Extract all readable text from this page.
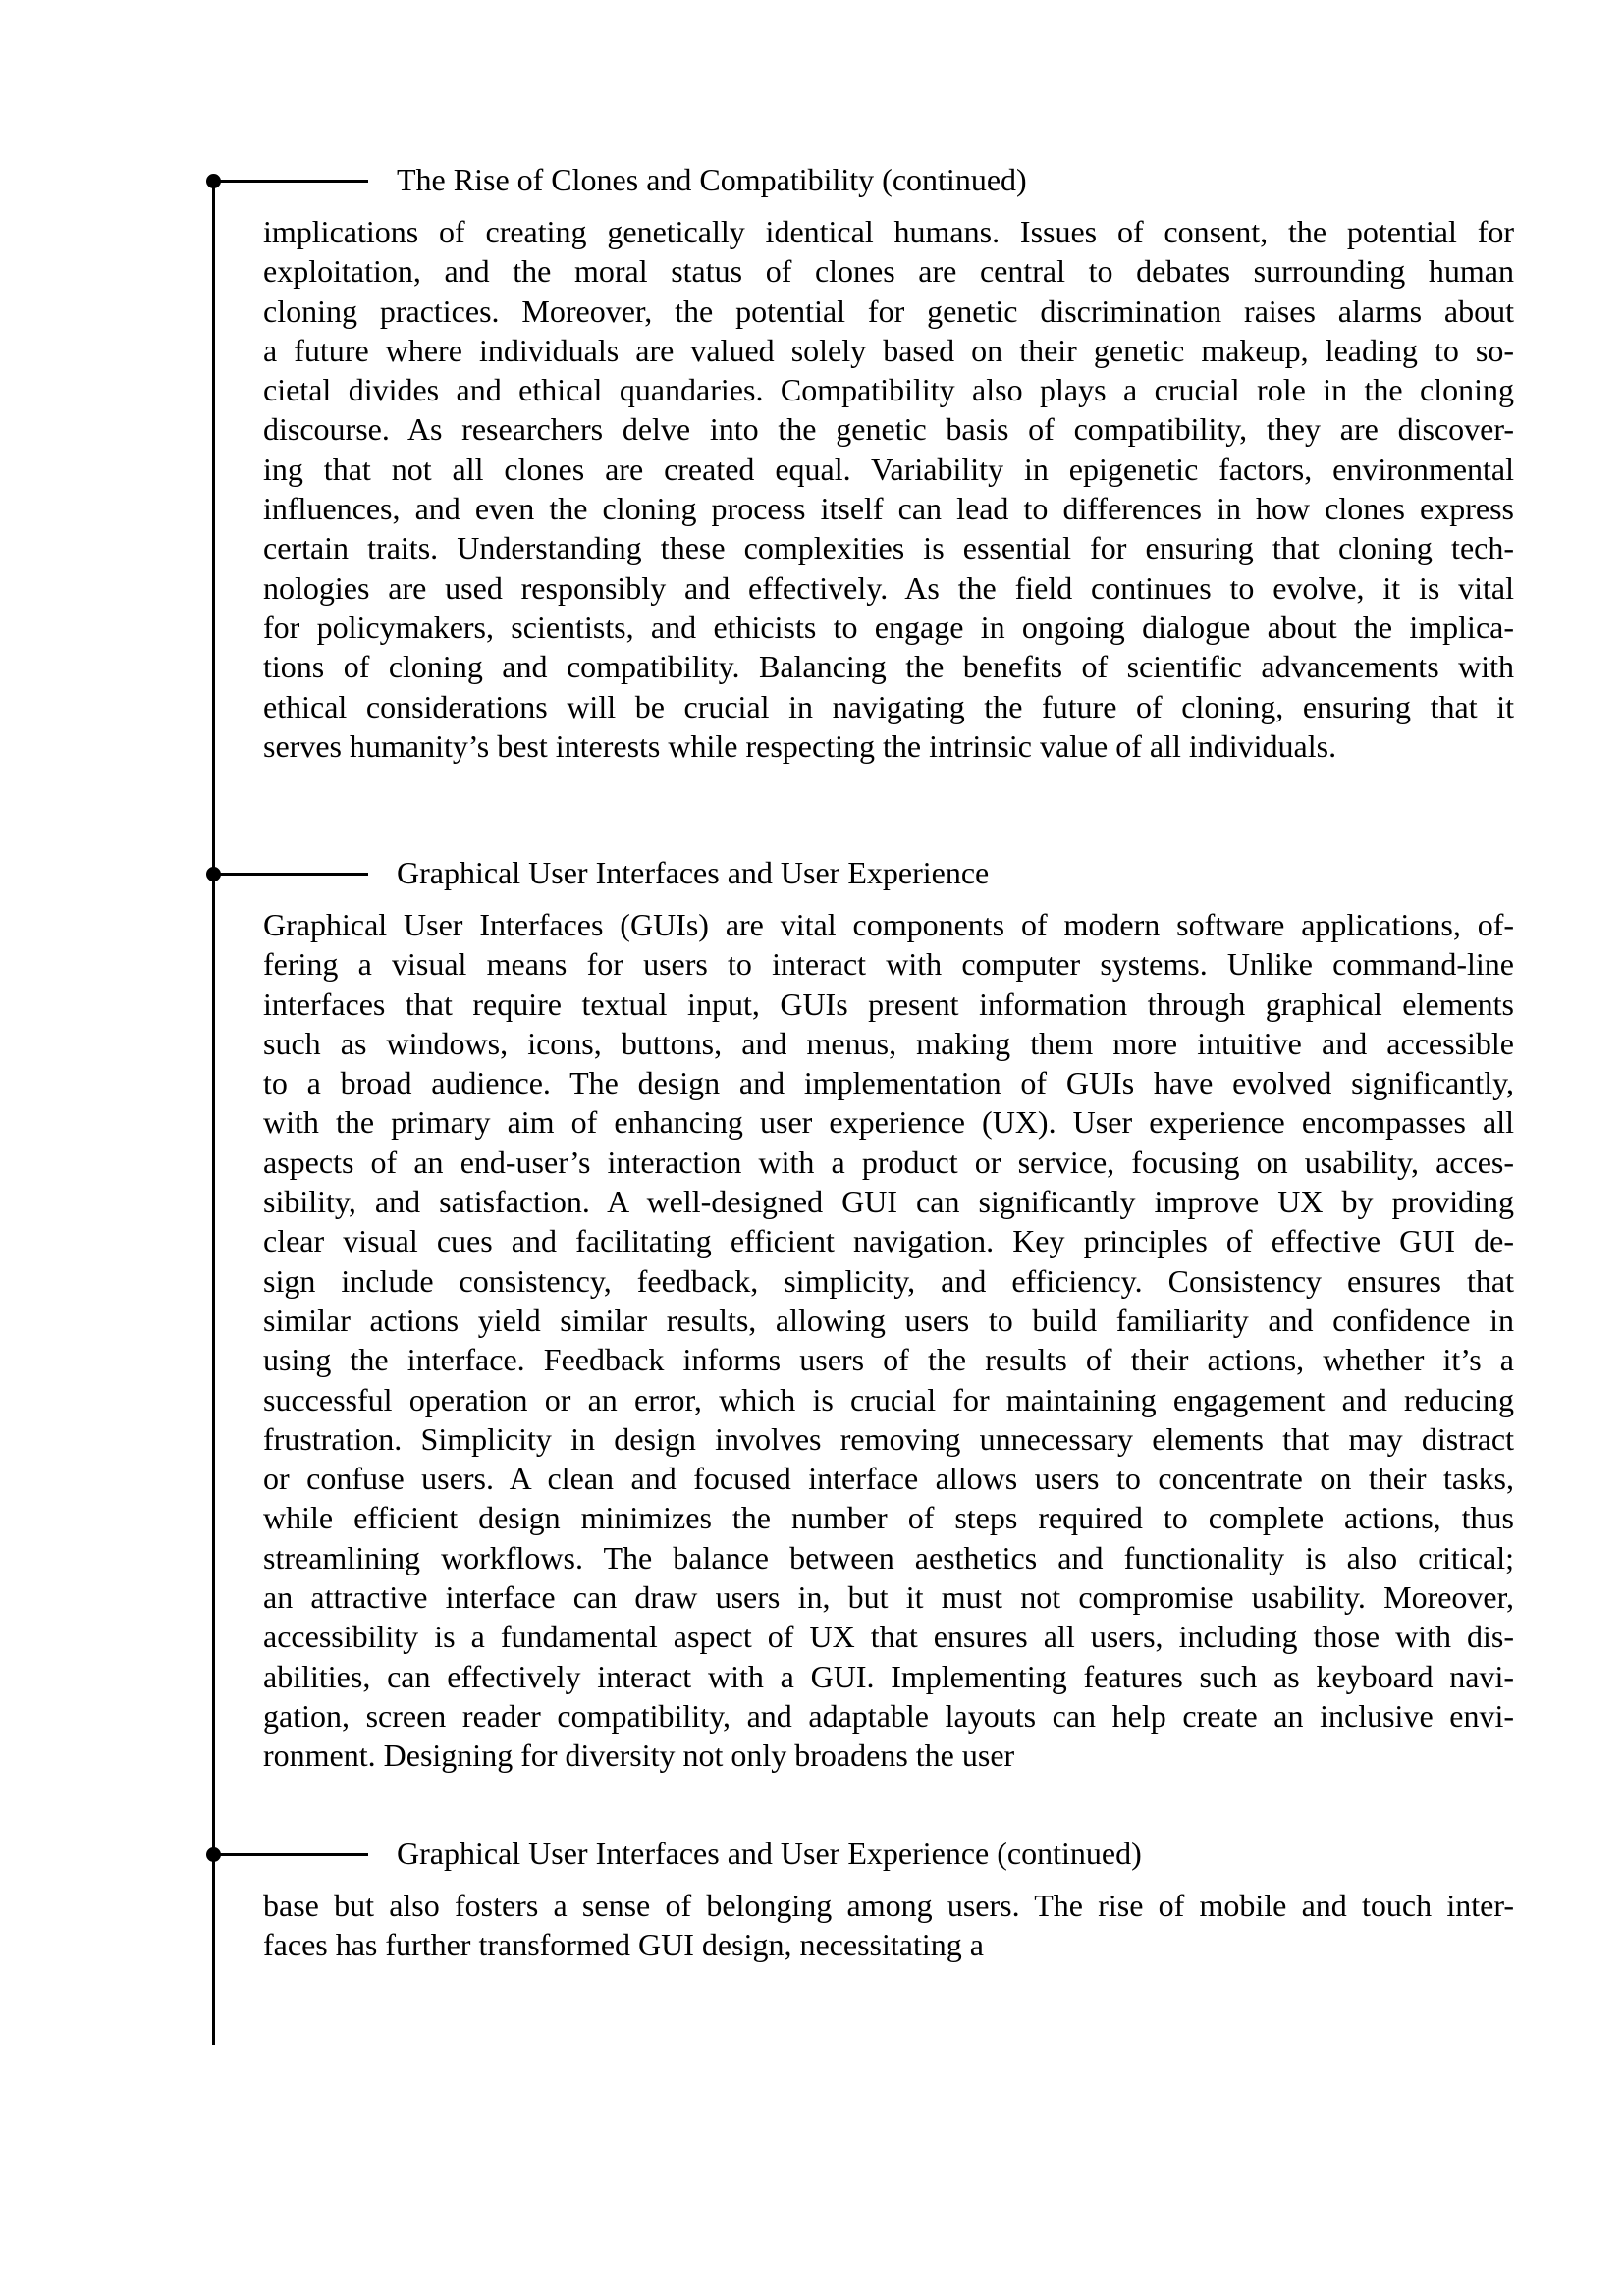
The Rise of Clones and Compatibility (continued)

implications of creating genetically identical humans. Issues of consent, the potential for
exploitation, and the moral status of clones are central to debates surrounding human
cloning practices. Moreover, the potential for genetic discrimination raises alarms about
a future where individuals are valued solely based on their genetic makeup, leading to so-
cietal divides and ethical quandaries. Compatibility also plays a crucial role in the cloning
discourse. As researchers delve into the genetic basis of compatibility, they are discover-
ing that not all clones are created equal. Variability in epigenetic factors, environmental
influences, and even the cloning process itself can lead to differences in how clones express
certain traits. Understanding these complexities is essential for ensuring that cloning tech-
nologies are used responsibly and effectively. As the field continues to evolve, it is vital
for policymakers, scientists, and ethicists to engage in ongoing dialogue about the implica-
tions of cloning and compatibility. Balancing the benefits of scientific advancements with
ethical considerations will be crucial in navigating the future of cloning, ensuring that it
serves humanity’s best interests while respecting the intrinsic value of all individuals.

Graphical User Interfaces and User Experience

Graphical User Interfaces (GUIs) are vital components of modern software applications, of-
fering a visual means for users to interact with computer systems. Unlike command-line
interfaces that require textual input, GUIs present information through graphical elements
such as windows, icons, buttons, and menus, making them more intuitive and accessible
to a broad audience. The design and implementation of GUIs have evolved significantly,
with the primary aim of enhancing user experience (UX). User experience encompasses all
aspects of an end-user’s interaction with a product or service, focusing on usability, acces-
sibility, and satisfaction. A well-designed GUI can significantly improve UX by providing
clear visual cues and facilitating efficient navigation. Key principles of effective GUI de-
sign include consistency, feedback, simplicity, and efficiency. Consistency ensures that
similar actions yield similar results, allowing users to build familiarity and confidence in
using the interface. Feedback informs users of the results of their actions, whether it’s a
successful operation or an error, which is crucial for maintaining engagement and reducing
frustration. Simplicity in design involves removing unnecessary elements that may distract
or confuse users. A clean and focused interface allows users to concentrate on their tasks,
while efficient design minimizes the number of steps required to complete actions, thus
streamlining workflows. The balance between aesthetics and functionality is also critical;
an attractive interface can draw users in, but it must not compromise usability. Moreover,
accessibility is a fundamental aspect of UX that ensures all users, including those with dis-
abilities, can effectively interact with a GUI. Implementing features such as keyboard navi-
gation, screen reader compatibility, and adaptable layouts can help create an inclusive envi-
ronment. Designing for diversity not only broadens the user

Graphical User Interfaces and User Experience (continued)

base but also fosters a sense of belonging among users. The rise of mobile and touch inter-
faces has further transformed GUI design, necessitating a
